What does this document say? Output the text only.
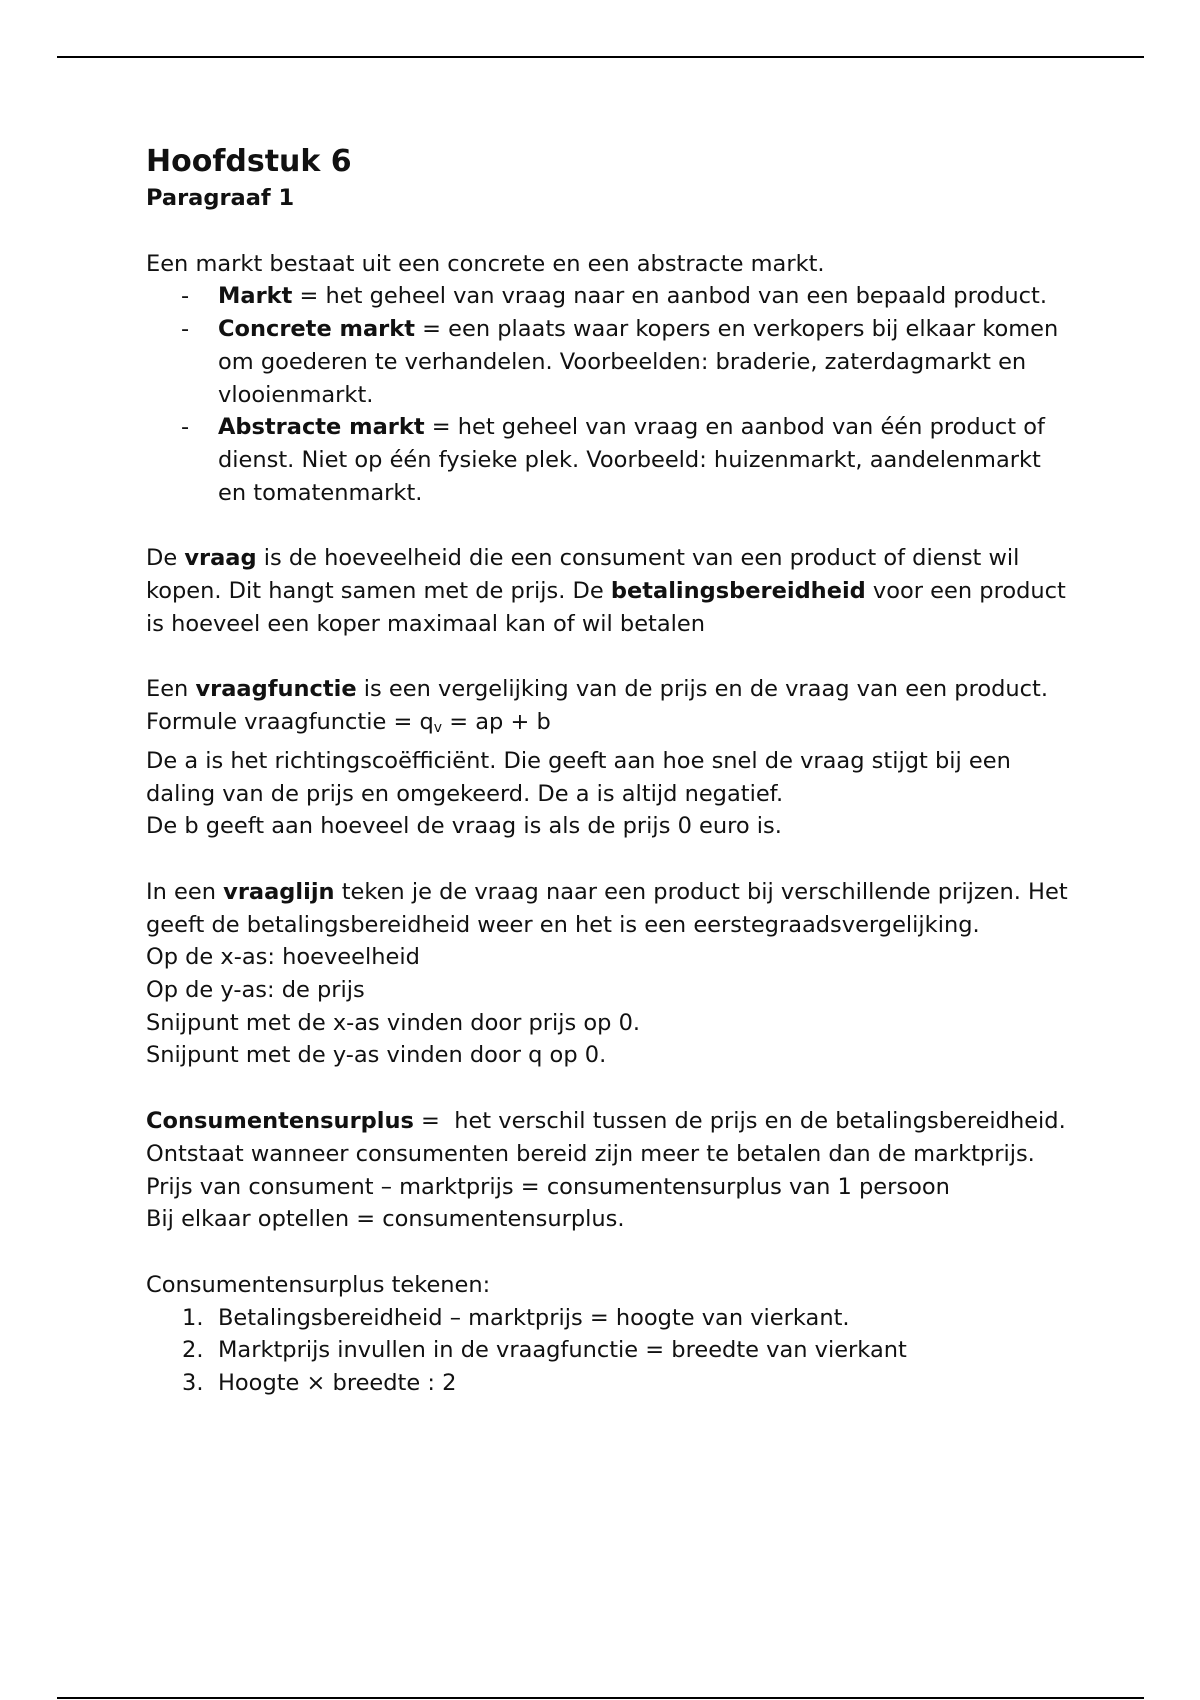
Hoofdstuk 6
Paragraaf 1

Een markt bestaat uit een concrete en een abstracte markt.

- Markt = het geheel van vraag naar en aanbod van een bepaald product.
- Concrete markt = een plaats waar kopers en verkopers bij elkaar komen om goederen te verhandelen. Voorbeelden: braderie, zaterdagmarkt en vlooienmarkt.
- Abstracte markt = het geheel van vraag en aanbod van één product of dienst. Niet op één fysieke plek. Voorbeeld: huizenmarkt, aandelenmarkt en tomatenmarkt.

De vraag is de hoeveelheid die een consument van een product of dienst wil kopen. Dit hangt samen met de prijs. De betalingsbereidheid voor een product is hoeveel een koper maximaal kan of wil betalen

Een vraagfunctie is een vergelijking van de prijs en de vraag van een product.

Formule vraagfunctie = $q_v$ = ap + b

De a is het richtingscoëfficiënt. Die geeft aan hoe snel de vraag stijgt bij een daling van de prijs en omgekeerd. De a is altijd negatief.

De b geeft aan hoeveel de vraag is als de prijs 0 euro is.

In een vraaglijn teken je de vraag naar een product bij verschillende prijzen. Het geeft de betalingsbereidheid weer en het is een eerstegraadsvergelijking.

Op de x-as: hoeveelheid

Op de y-as: de prijs

Snijpunt met de x-as vinden door prijs op 0.

Snijpunt met de y-as vinden door q op 0.

Consumentensurplus =  het verschil tussen de prijs en de betalingsbereidheid. Ontstaat wanneer consumenten bereid zijn meer te betalen dan de marktprijs.

Prijs van consument – marktprijs = consumentensurplus van 1 persoon

Bij elkaar optellen = consumentensurplus.

Consumentensurplus tekenen:

1. Betalingsbereidheid – marktprijs = hoogte van vierkant.
2. Marktprijs invullen in de vraagfunctie = breedte van vierkant
3. Hoogte × breedte : 2
